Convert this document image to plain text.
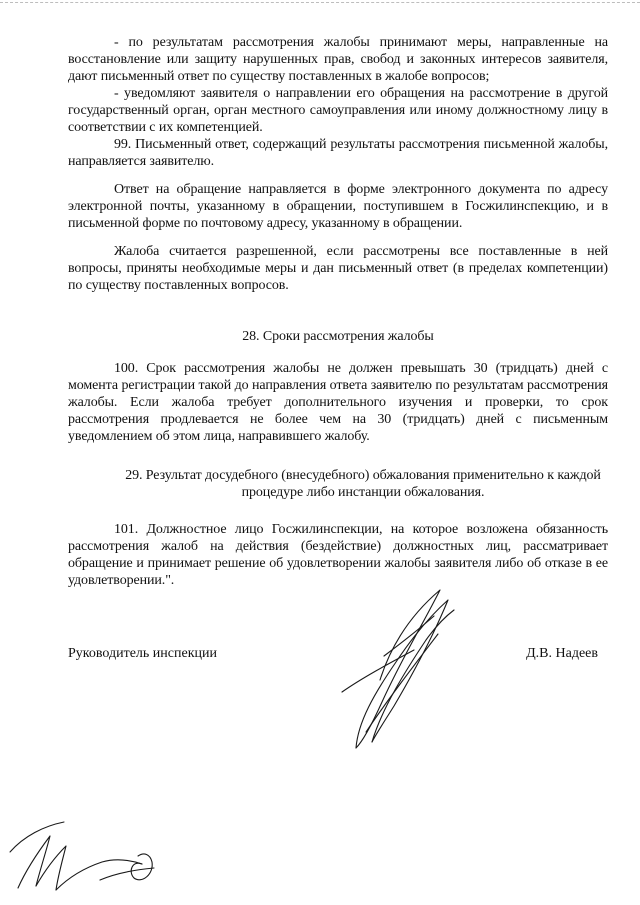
- по результатам рассмотрения жалобы принимают меры, направленные на восстановление или защиту нарушенных прав, свобод и законных интересов заявителя, дают письменный ответ по существу поставленных в жалобе вопросов;

- уведомляют заявителя о направлении его обращения на рассмотрение в другой государственный орган, орган местного самоуправления или иному должностному лицу в соответствии с их компетенцией.

99. Письменный ответ, содержащий результаты рассмотрения письменной жалобы, направляется заявителю.

Ответ на обращение направляется в форме электронного документа по адресу электронной почты, указанному в обращении, поступившем в Госжилинспекцию, и в письменной форме по почтовому адресу, указанному в обращении.

Жалоба считается разрешенной, если рассмотрены все поставленные в ней вопросы, приняты необходимые меры и дан письменный ответ (в пределах компетенции) по существу поставленных вопросов.

28. Сроки рассмотрения жалобы

100. Срок рассмотрения жалобы не должен превышать 30 (тридцать) дней с момента регистрации такой до направления ответа заявителю по результатам рассмотрения жалобы. Если жалоба требует дополнительного изучения и проверки, то срок рассмотрения продлевается не более чем на 30 (тридцать) дней с письменным уведомлением об этом лица, направившего жалобу.

29. Результат досудебного (внесудебного) обжалования применительно к каждой процедуре либо инстанции обжалования.

101. Должностное лицо Госжилинспекции, на которое возложена обязанность рассмотрения жалоб на действия (бездействие) должностных лиц, рассматривает обращение и принимает решение об удовлетворении жалобы заявителя либо об отказе в ее удовлетворении.".

Руководитель инспекции	Д.В. Надеев
